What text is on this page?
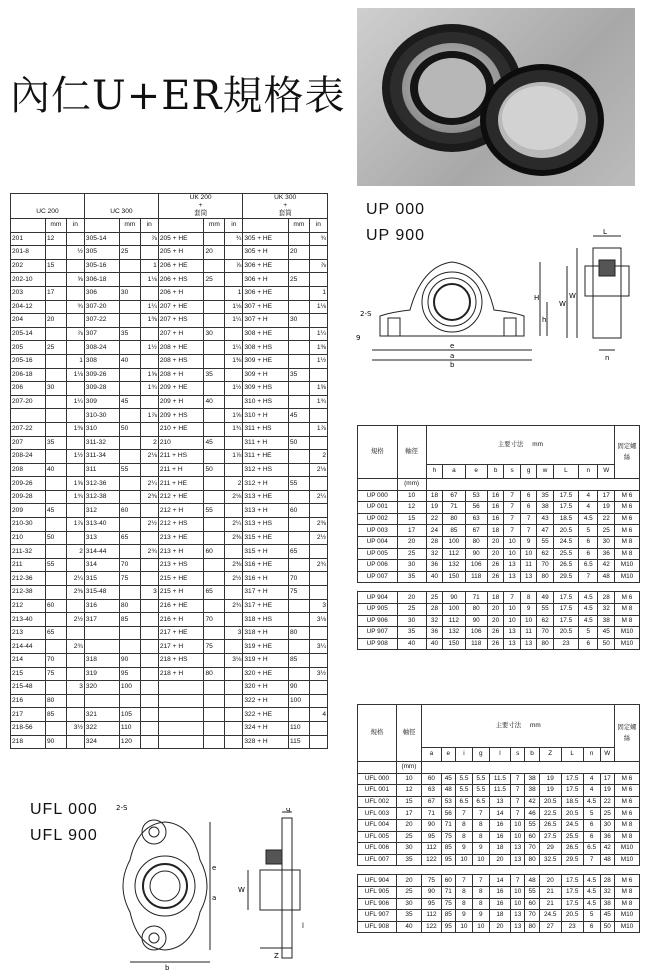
內仁U+ER規格表
UC 200			UC 300			UK 200
+
套筒			UK 300
+
套筒		
	mm	in		mm	in		mm	in		mm	in
201	12		305-14		⅞	205 + HE		¾	305 + HE		¾
201-8		½	305	25		205 + H	20		305 + H	20	
202	15		305-16		1	206 + HE		⅞	306 + HE		⅞
202-10		⅝	306-18		1⅛	206 + HS	25		306 + H	25	
203	17		306	30		206 + H		1	306 + HE		1
204-12		¾	307-20		1¼	207 + HE		1⅛	307 + HE		1⅛
204	20		307-22		1⅜	207 + HS		1¼	307 + H	30	
205-14		⅞	307	35		207 + H	30		308 + HE		1¼
205	25		308-24		1½	208 + HE		1¼	308 + HS		1⅜
205-16		1	308	40		208 + HS		1⅜	309 + HE		1½
206-18		1⅛	309-26		1⅝	208 + H	35		309 + H	35	
206	30		309-28		1¾	209 + HE		1½	309 + HS		1⅝
207-20		1¼	309	45		209 + H	40		310 + HS		1¾
			310-30		1⅞	209 + HS		1⅝	310 + H	45	
207-22		1⅜	310	50		210 + HE		1¾	311 + HS		1⅞
207	35		311-32		2	210	45		311 + H	50	
208-24		1½	311-34		2⅛	211 + HS		1⅞	311 + HE		2
208	40		311	55		211 + H	50		312 + HS		2⅛
209-26		1⅝	312-36		2¼	211 + HE		2	312 + H	55	
209-28		1¾	312-38		2⅜	212 + HE		2⅛	313 + HE		2¼
209	45		312	60		212 + H	55		313 + H	60	
210-30		1⅞	313-40		2½	212 + HS		2¼	313 + HS		2⅜
210	50		313	65		213 + HE		2⅜	315 + HE		2½
211-32		2	314-44		2¾	213 + H	60		315 + H	65	
211	55		314	70		213 + HS		2⅜	316 + HE		2¾
212-36		2¼	315	75		215 + HE		2½	316 + H	70	
212-38		2⅜	315-48		3	215 + H	65		317 + H	75	
212	60		316	80		216 + HE		2¾	317 + HE		3
213-40		2½	317	85		216 + H	70		318 + HS		3⅛
213	65					217 + HE		3	318 + H	80	
214-44		2¾				217 + H	75		319 + HE		3¼
214	70		318	90		218 + HS		3⅛	319 + H	85	
215	75		319	95		218 + H	80		320 + HE		3½
215-48		3	320	100					320 + H	90	
216	80								322 + H	100	
217	85		321	105					322 + HE		4
218-56		3½	322	110					324 + H	110	
218	90		324	120					328 + H	115	
UP 000
UP 900
2-S
9
a
e
b
h
H
L
W
W
n
規格	軸徑	主要寸法 mm										固定螺絲
		h	a	e	b	s	g	w	L	n	W	
	(mm)											
UP 000	10	18	67	53	16	7	6	35	17.5	4	17	M 6
UP 001	12	19	71	56	16	7	6	38	17.5	4	19	M 6
UP 002	15	22	80	63	16	7	7	43	18.5	4.5	22	M 6
UP 003	17	24	85	67	18	7	7	47	20.5	5	25	M 6
UP 004	20	28	100	80	20	10	9	55	24.5	6	30	M 8
UP 005	25	32	112	90	20	10	10	62	25.5	6	36	M 8
UP 006	30	36	132	106	26	13	11	70	26.5	6.5	42	M10
UP 007	35	40	150	118	26	13	13	80	29.5	7	48	M10

UP 904	20	25	90	71	18	7	8	49	17.5	4.5	28	M 6
UP 905	25	28	100	80	20	10	9	55	17.5	4.5	32	M 8
UP 906	30	32	112	90	20	10	10	62	17.5	4.5	38	M 8
UP 907	35	36	132	106	26	13	11	70	20.5	5	45	M10
UP 908	40	40	150	118	26	13	13	80	23	6	50	M10
規格	軸徑	主要寸法 mm											固定螺絲
		a	e	i	g	l	s	b	Z	L	n	W	
	(mm)												
UFL 000	10	60	45	5.5	5.5	11.5	7	38	19	17.5	4	17	M 6
UFL 001	12	63	48	5.5	5.5	11.5	7	38	19	17.5	4	19	M 6
UFL 002	15	67	53	6.5	6.5	13	7	42	20.5	18.5	4.5	22	M 6
UFL 003	17	71	56	7	7	14	7	46	22.5	20.5	5	25	M 6
UFL 004	20	90	71	8	8	16	10	55	26.5	24.5	6	30	M 8
UFL 005	25	95	75	8	8	16	10	60	27.5	25.5	6	36	M 8
UFL 006	30	112	85	9	9	18	13	70	29	26.5	6.5	42	M10
UFL 007	35	122	95	10	10	20	13	80	32.5	29.5	7	48	M10

UFL 904	20	75	60	7	7	14	7	48	20	17.5	4.5	28	M 6
UFL 905	25	90	71	8	8	16	10	55	21	17.5	4.5	32	M 8
UFL 906	30	95	75	8	8	16	10	60	21	17.5	4.5	38	M 8
UFL 907	35	112	85	9	9	18	13	70	24.5	20.5	5	45	M10
UFL 908	40	122	95	10	10	20	13	80	27	23	6	50	M10
UFL 000
UFL 900
2-S
e
a
b
g
W
Z
l
